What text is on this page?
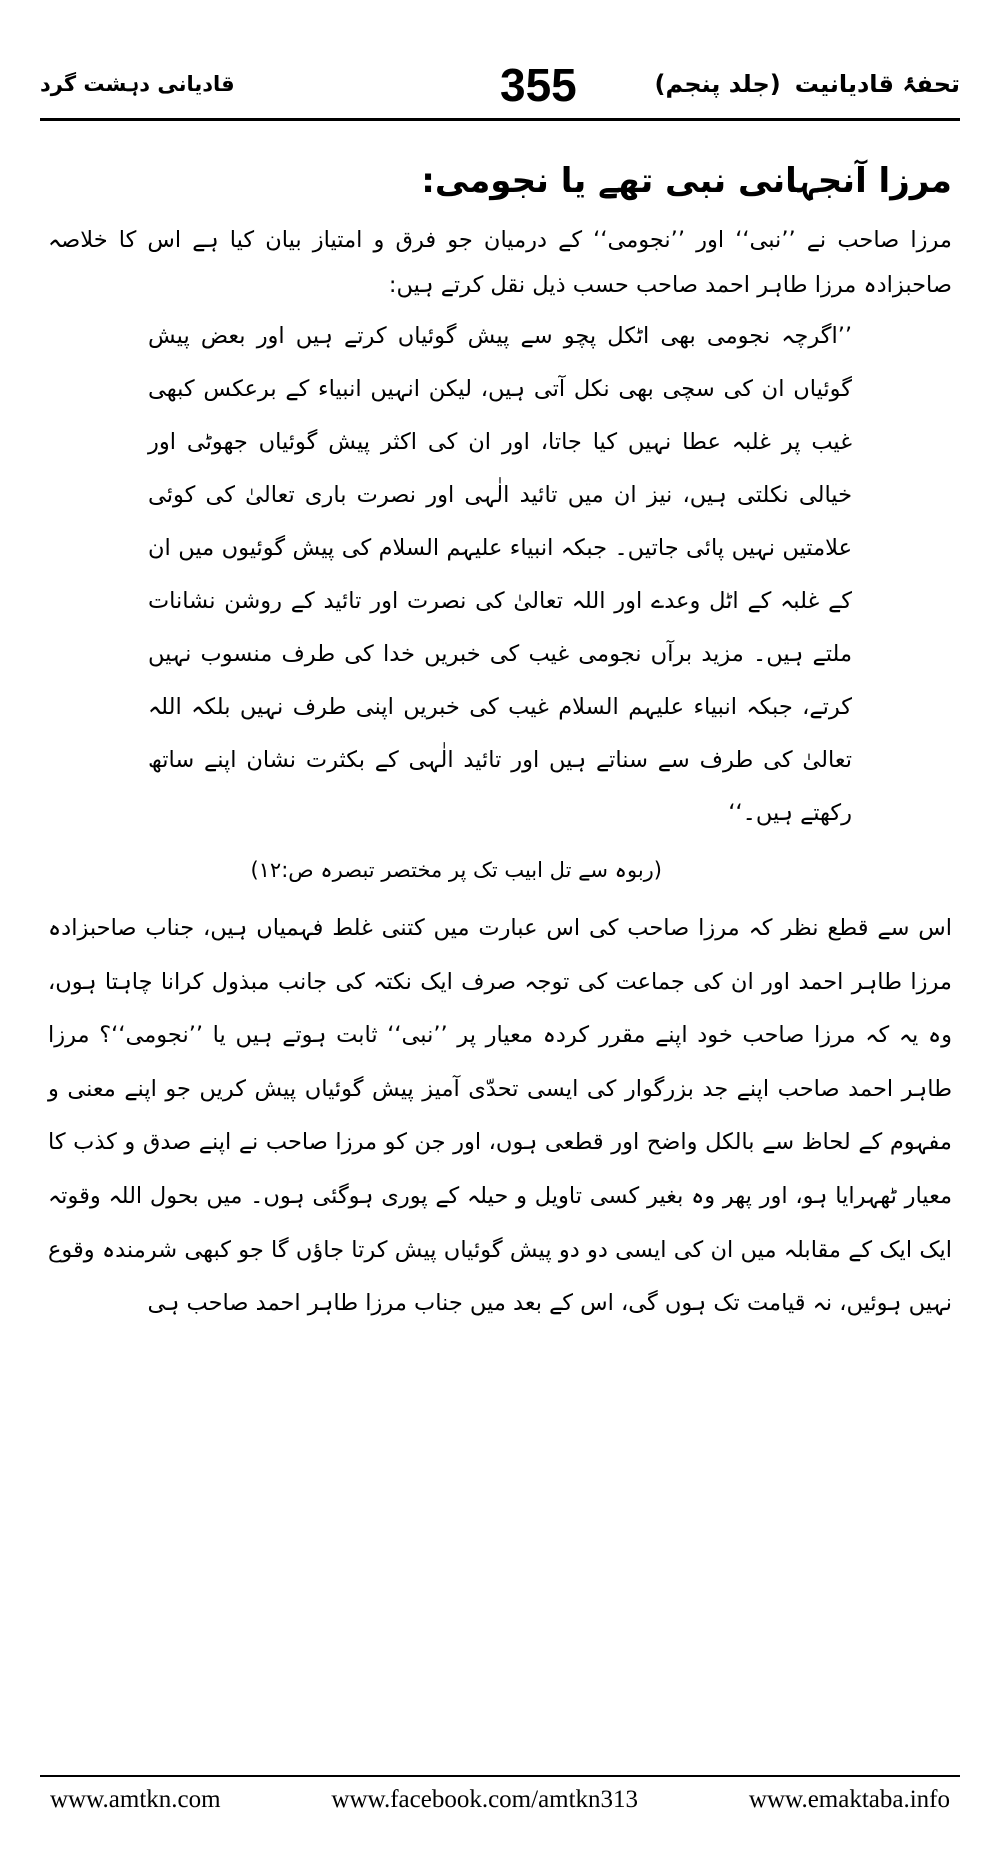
تحفۂ قادیانیت(جلد پنجم)
355
قادیانی دہشت گرد
مرزا آنجہانی نبی تھے یا نجومی:

مرزا صاحب نے ’’نبی‘‘ اور ’’نجومی‘‘ کے درمیان جو فرق و امتیاز بیان کیا ہے اس کا خلاصہ صاحبزادہ مرزا طاہر احمد صاحب حسب ذیل نقل کرتے ہیں:

’’اگرچہ نجومی بھی اٹکل پچو سے پیش گوئیاں کرتے ہیں اور بعض پیش گوئیاں ان کی سچی بھی نکل آتی ہیں، لیکن انہیں انبیاء کے برعکس کبھی غیب پر غلبہ عطا نہیں کیا جاتا، اور ان کی اکثر پیش گوئیاں جھوٹی اور خیالی نکلتی ہیں، نیز ان میں تائید الٰہی اور نصرت باری تعالیٰ کی کوئی علامتیں نہیں پائی جاتیں۔ جبکہ انبیاء علیہم السلام کی پیش گوئیوں میں ان کے غلبہ کے اٹل وعدے اور اللہ تعالیٰ کی نصرت اور تائید کے روشن نشانات ملتے ہیں۔ مزید برآں نجومی غیب کی خبریں خدا کی طرف منسوب نہیں کرتے، جبکہ انبیاء علیہم السلام غیب کی خبریں اپنی طرف نہیں بلکہ اللہ تعالیٰ کی طرف سے سناتے ہیں اور تائید الٰہی کے بکثرت نشان اپنے ساتھ رکھتے ہیں۔‘‘

(ربوہ سے تل ابیب تک پر مختصر تبصرہ ص:۱۲)

اس سے قطع نظر کہ مرزا صاحب کی اس عبارت میں کتنی غلط فہمیاں ہیں، جناب صاحبزادہ مرزا طاہر احمد اور ان کی جماعت کی توجہ صرف ایک نکتہ کی جانب مبذول کرانا چاہتا ہوں، وہ یہ کہ مرزا صاحب خود اپنے مقرر کردہ معیار پر ’’نبی‘‘ ثابت ہوتے ہیں یا ’’نجومی‘‘؟ مرزا طاہر احمد صاحب اپنے جد بزرگوار کی ایسی تحدّی آمیز پیش گوئیاں پیش کریں جو اپنے معنی و مفہوم کے لحاظ سے بالکل واضح اور قطعی ہوں، اور جن کو مرزا صاحب نے اپنے صدق و کذب کا معیار ٹھہرایا ہو، اور پھر وہ بغیر کسی تاویل و حیلہ کے پوری ہوگئی ہوں۔ میں بحول اللہ وقوتہ ایک ایک کے مقابلہ میں ان کی ایسی دو دو پیش گوئیاں پیش کرتا جاؤں گا جو کبھی شرمندہ وقوع نہیں ہوئیں، نہ قیامت تک ہوں گی، اس کے بعد میں جناب مرزا طاہر احمد صاحب ہی

www.amtkn.com	www.facebook.com/amtkn313	www.emaktaba.info
